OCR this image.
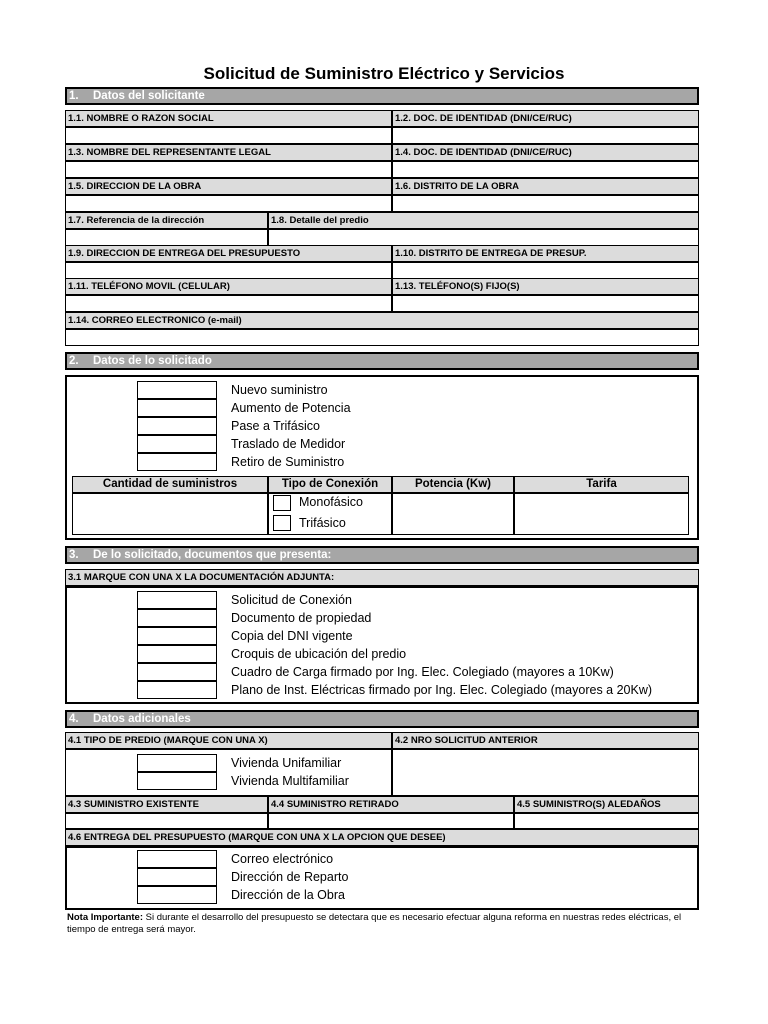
Solicitud de Suministro Eléctrico y Servicios
1. Datos del solicitante
1.1. NOMBRE O RAZON SOCIAL	1.2. DOC. DE IDENTIDAD (DNI/CE/RUC)
1.3. NOMBRE DEL REPRESENTANTE LEGAL	1.4. DOC. DE IDENTIDAD (DNI/CE/RUC)
1.5. DIRECCION DE LA OBRA	1.6. DISTRITO DE LA OBRA
1.7. Referencia de la dirección	1.8. Detalle del predio
1.9. DIRECCION DE ENTREGA DEL PRESUPUESTO	1.10. DISTRITO DE ENTREGA DE PRESUP.
1.11. TELÉFONO MOVIL (CELULAR)	1.13. TELÉFONO(S) FIJO(S)
1.14. CORREO ELECTRONICO (e-mail)
2. Datos de lo solicitado
Nuevo suministro
Aumento de Potencia
Pase a Trifásico
Traslado de Medidor
Retiro de Suministro
Cantidad de suministros	Tipo de Conexión	Potencia (Kw)	Tarifa
Monofásico
Trifásico
3. De lo solicitado, documentos que presenta:
3.1 MARQUE CON UNA X LA DOCUMENTACIÓN ADJUNTA:
Solicitud de Conexión
Documento de propiedad
Copia del DNI vigente
Croquis de ubicación del predio
Cuadro de Carga firmado por Ing. Elec. Colegiado (mayores a 10Kw)
Plano de Inst. Eléctricas firmado por Ing. Elec. Colegiado (mayores a 20Kw)
4. Datos adicionales
4.1 TIPO DE PREDIO (MARQUE CON UNA X)	4.2 NRO SOLICITUD ANTERIOR
Vivienda Unifamiliar
Vivienda Multifamiliar
4.3 SUMINISTRO EXISTENTE	4.4 SUMINISTRO RETIRADO	4.5 SUMINISTRO(S) ALEDAÑOS
4.6 ENTREGA DEL PRESUPUESTO (MARQUE CON UNA X LA OPCION QUE DESEE)
Correo electrónico
Dirección de Reparto
Dirección de la Obra
Nota Importante: Si durante el desarrollo del presupuesto se detectara que es necesario efectuar alguna reforma en nuestras redes eléctricas, el tiempo de entrega será mayor.
